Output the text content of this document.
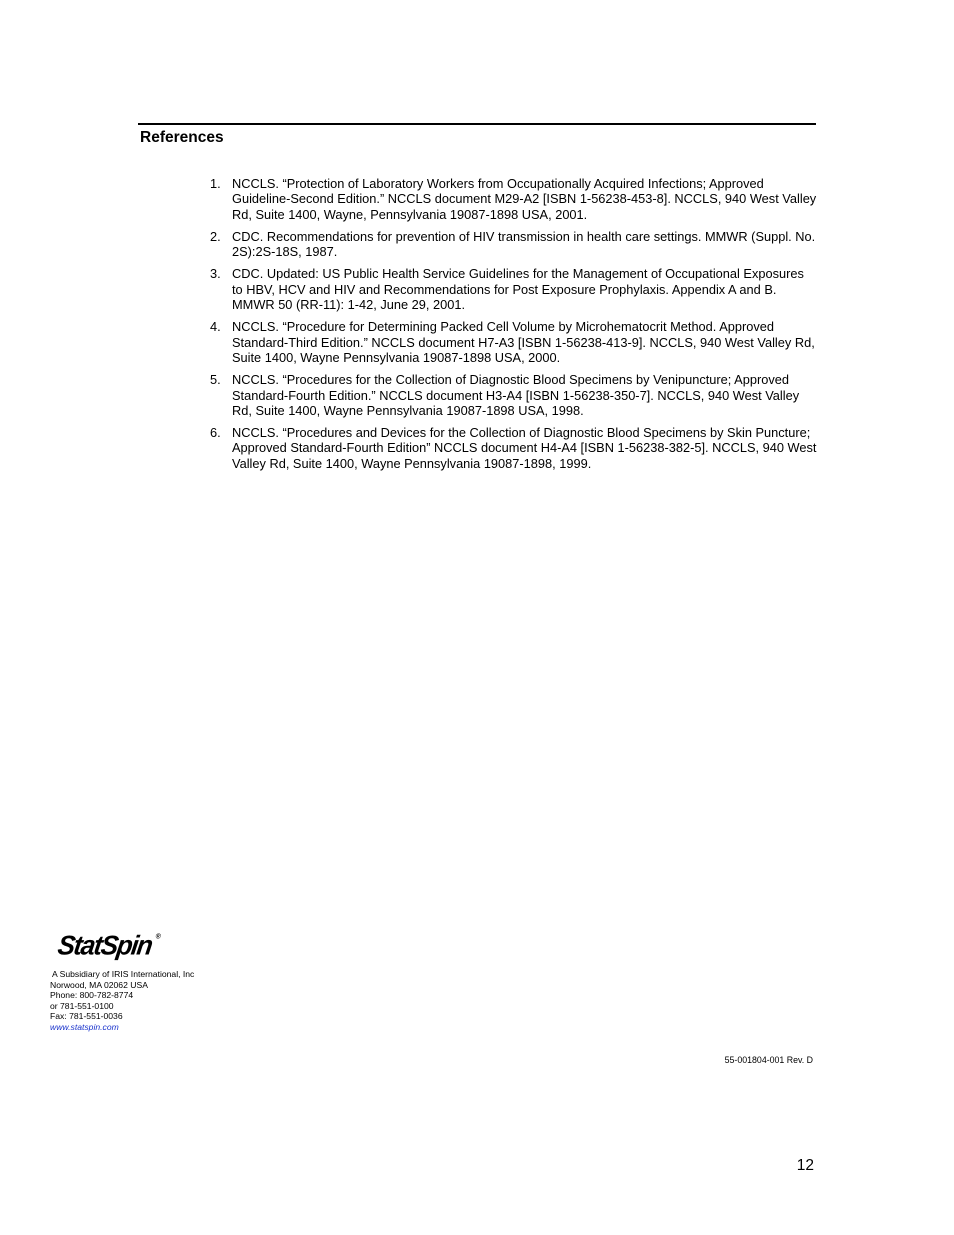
References
1. NCCLS. “Protection of Laboratory Workers from Occupationally Acquired Infections; Approved Guideline-Second Edition.” NCCLS document M29-A2 [ISBN 1-56238-453-8]. NCCLS, 940 West Valley Rd, Suite 1400, Wayne, Pennsylvania 19087-1898 USA, 2001.
2. CDC. Recommendations for prevention of HIV transmission in health care settings. MMWR (Suppl. No. 2S):2S-18S, 1987.
3. CDC. Updated: US Public Health Service Guidelines for the Management of Occupational Exposures to HBV, HCV and HIV and Recommendations for Post Exposure Prophylaxis. Appendix A and B. MMWR 50 (RR-11): 1-42, June 29, 2001.
4. NCCLS. “Procedure for Determining Packed Cell Volume by Microhematocrit Method. Approved Standard-Third Edition.” NCCLS document H7-A3 [ISBN 1-56238-413-9]. NCCLS, 940 West Valley Rd, Suite 1400, Wayne Pennsylvania 19087-1898 USA, 2000.
5. NCCLS. “Procedures for the Collection of Diagnostic Blood Specimens by Venipuncture; Approved Standard-Fourth Edition.” NCCLS document H3-A4 [ISBN 1-56238-350-7]. NCCLS, 940 West Valley Rd, Suite 1400, Wayne Pennsylvania 19087-1898 USA, 1998.
6. NCCLS. “Procedures and Devices for the Collection of Diagnostic Blood Specimens by Skin Puncture; Approved Standard-Fourth Edition” NCCLS document H4-A4 [ISBN 1-56238-382-5]. NCCLS, 940 West Valley Rd, Suite 1400, Wayne Pennsylvania 19087-1898, 1999.
StatSpin®
A Subsidiary of IRIS International, Inc
Norwood, MA 02062 USA
Phone: 800-782-8774
or 781-551-0100
Fax: 781-551-0036
www.statspin.com
55-001804-001 Rev. D
12
